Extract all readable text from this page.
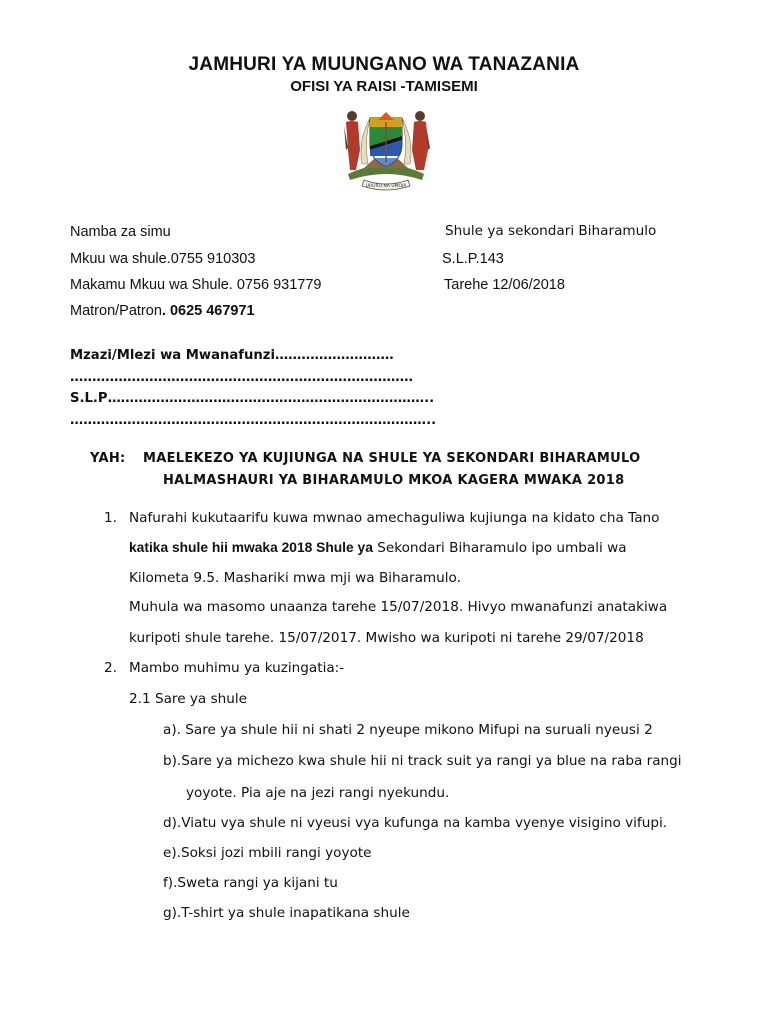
JAMHURI YA MUUNGANO WA TANAZANIA
OFISI YA RAISI -TAMISEMI
UHURU NA UMOJA
Namba za simu
Mkuu wa shule.0755 910303
Makamu Mkuu wa Shule. 0756 931779
Matron/Patron. 0625 467971
Shule ya sekondari Biharamulo
S.L.P.143
Tarehe 12/06/2018
Mzazi/Mlezi wa Mwanafunzi………………………
……………………………………………………………………
S.L.P………………………………………………………………..
………………………………………………………………………..
YAH: MAELEKEZO YA KUJIUNGA NA SHULE YA SEKONDARI BIHARAMULO
HALMASHAURI YA BIHARAMULO MKOA KAGERA MWAKA 2018
1. Nafurahi kukutaarifu kuwa mwnao amechaguliwa kujiunga na kidato cha Tano
katika shule hii mwaka 2018 Shule ya Sekondari Biharamulo ipo umbali wa
Kilometa 9.5. Mashariki mwa mji wa Biharamulo.
Muhula wa masomo unaanza tarehe 15/07/2018. Hivyo mwanafunzi anatakiwa
kuripoti shule tarehe. 15/07/2017. Mwisho wa kuripoti ni tarehe 29/07/2018
2. Mambo muhimu ya kuzingatia:-
2.1 Sare ya shule
a). Sare ya shule hii ni shati 2 nyeupe mikono Mifupi na suruali nyeusi 2
b).Sare ya michezo kwa shule hii ni track suit ya rangi ya blue na raba rangi
yoyote. Pia aje na jezi rangi nyekundu.
d).Viatu vya shule ni vyeusi vya kufunga na kamba vyenye visigino vifupi.
e).Soksi jozi mbili rangi yoyote
f).Sweta rangi ya kijani tu
g).T-shirt ya shule inapatikana shule
